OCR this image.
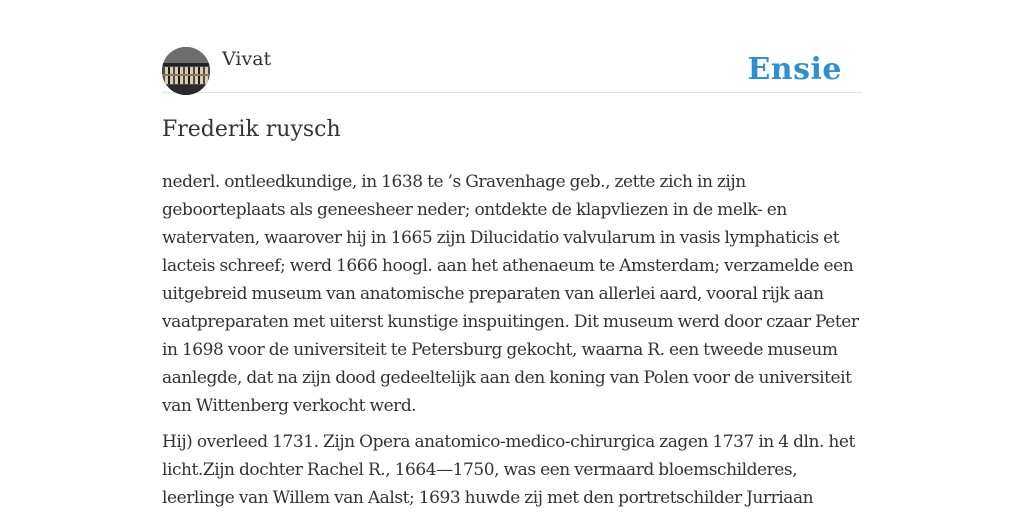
Vivat	Ensie
Frederik ruysch

nederl. ontleedkundige, in 1638 te ’s Gravenhage geb., zette zich in zijn geboorteplaats als geneesheer neder; ontdekte de klapvliezen in de melk- en watervaten, waarover hij in 1665 zijn Dilucidatio valvularum in vasis lymphaticis et lacteis schreef; werd 1666 hoogl. aan het athenaeum te Amsterdam; verzamelde een uitgebreid museum van anatomische preparaten van allerlei aard, vooral rijk aan vaatpreparaten met uiterst kunstige inspuitingen. Dit museum werd door czaar Peter in 1698 voor de universiteit te Petersburg gekocht, waarna R. een tweede museum aanlegde, dat na zijn dood gedeeltelijk aan den koning van Polen voor de universiteit van Wittenberg verkocht werd.

Hij) overleed 1731. Zijn Opera anatomico-medico-chirurgica zagen 1737 in 4 dln. het licht.Zijn dochter Rachel R., 1664—1750, was een vermaard bloemschilderes, leerlinge van Willem van Aalst; 1693 huwde zij met den portretschilder Jurriaan
